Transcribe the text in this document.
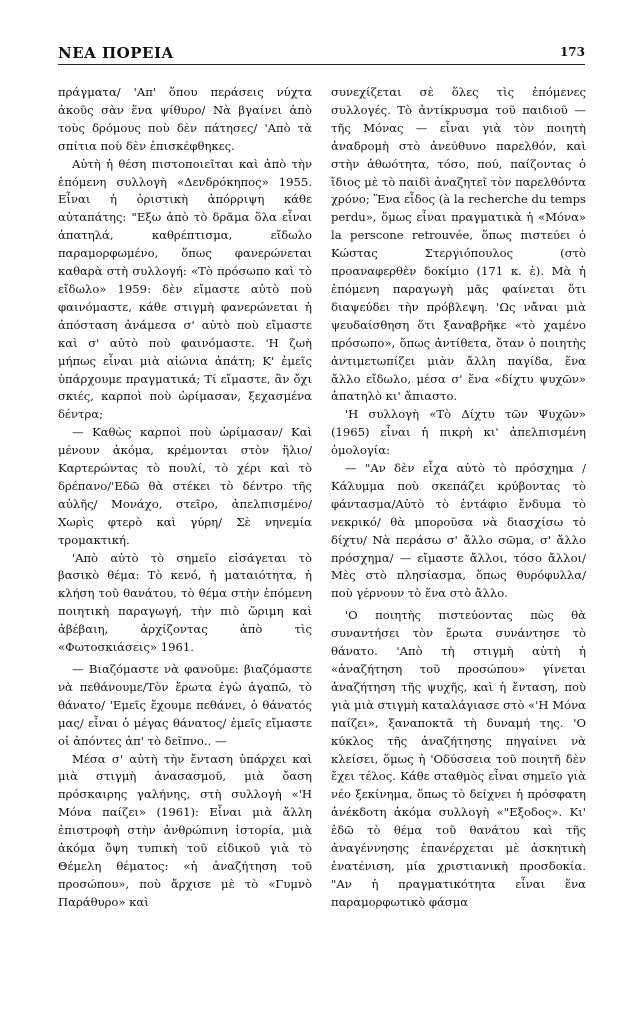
ΝΕΑ ΠΟΡΕΙΑ	173

πράγματα/ 'Απ' ὅπου περάσεις νύχτα ἀκοῦς σὰν ἕνα ψίθυρο/ Νὰ βγαίνει ἀπὸ τοὺς δρόμους ποὺ δὲν πάτησες/ 'Απὸ τὰ σπίτια ποὺ δὲν ἐπισκέφθηκες.

Αὐτὴ ἡ θέση πιστοποιεῖται καὶ ἀπὸ τὴν ἑπόμενη συλλογὴ «Δενδρόκηπος» 1955. Εἶναι ἡ ὁριστικὴ ἀπόρριψη κάθε αὐταπάτης: "Εξω ἀπὸ τὸ δρᾶμα ὅλα εἶναι ἀπατηλά, καθρέπτισμα, εἴδωλο παραμορφωμένο, ὅπως φανερώνεται καθαρὰ στὴ συλλογή: «Τὸ πρόσωπο καὶ τὸ εἴδωλο» 1959: δὲν εἴμαστε αὐτὸ ποὺ φαινόμαστε, κάθε στιγμὴ φανερώνεται ἡ ἀπόσταση ἀνάμεσα σ' αὐτὸ ποὺ εἴμαστε καὶ σ' αὐτὸ ποὺ φαινόμαστε. 'Η ζωὴ μήπως εἶναι μιὰ αἰώνια ἀπάτη; Κ' ἐμεῖς ὑπάρχουμε πραγματικά; Τί εἴμαστε, ἂν ὄχι σκιές, καρποὶ ποὺ ὡρίμασαν, ξεχασμένα δέντρα;

— Καθὼς καρποὶ ποὺ ὡρίμασαν/ Καὶ μένουν ἀκόμα, κρέμονται στὸν ἥλιο/Καρτερώντας τὸ πουλί, τὸ χέρι καὶ τὸ δρέπανο/'Εδῶ θὰ στέκει τὸ δέντρο τῆς αὐλῆς/ Μονάχο, στεῖρο, ἀπελπισμένο/ Χωρὶς φτερὸ καὶ γύρη/ Σὲ νηνεμία τρομακτική.

'Απὸ αὐτὸ τὸ σημεῖο εἰσάγεται τὸ βασικὸ θέμα: Τὸ κενό, ἡ ματαιότητα, ἡ κλήση τοῦ θανάτου, τὸ θέμα στὴν ἑπόμενη ποιητικὴ παραγωγή, τὴν πιὸ ὥριμη καὶ ἀβέβαιη, ἀρχίζοντας ἀπὸ τὶς «Φωτοσκιάσεις» 1961.

— Βιαζόμαστε νὰ φανοῦμε: βιαζόμαστε νὰ πεθάνουμε/Τὸν ἔρωτα ἐγὼ ἀγαπῶ, τὸ θάνατο/ 'Εμεῖς ἔχουμε πεθάνει, ὁ θάνατός μας/ εἶναι ὁ μέγας θάνατος/ ἐμεῖς εἴμαστε οἱ ἀπόντες ἀπ' τὸ δεῖπνο.. —

Μέσα σ' αὐτὴ τὴν ἔνταση ὑπάρχει καὶ μιὰ στιγμὴ ἀνασασμοῦ, μιὰ ὄαση πρόσκαιρης γαλήνης, στὴ συλλογὴ «'Η Μόνα παίζει» (1961): Εἶναι μιὰ ἄλλη ἐπιστροφὴ στὴν ἀνθρώπινη ἱστορία, μιὰ ἀκόμα ὄψη τυπικὴ τοῦ εἰδικοῦ γιὰ τὸ Θέμελη θέματος: «ἡ ἀναζήτηση τοῦ προσώπου», ποὺ ἄρχισε μὲ τὸ «Γυμνὸ Παράθυρο» καὶ

συνεχίζεται σὲ ὅλες τὶς ἑπόμενες συλλογές. Τὸ ἀντίκρυσμα τοῦ παιδιοῦ — τῆς Μόνας — εἶναι γιὰ τὸν ποιητὴ ἀναδρομὴ στὸ ἀνεύθυνο παρελθόν, καὶ στὴν ἀθωότητα, τόσο, πού, παίζοντας ὁ ἴδιος μὲ τὸ παιδὶ ἀναζητεῖ τὸν παρελθόντα χρόνο; Ἕνα εἶδος (à la recherche du temps perdu», ὅμως εἶναι πραγματικὰ ἡ «Μόνα» la perscone retrouvée, ὅπως πιστεύει ὁ Κώστας Στεργιόπουλος (στὸ προαναφερθὲν δοκίμιο (171 κ. ἑ). Μὰ ἡ ἑπόμενη παραγωγὴ μᾶς φαίνεται ὅτι διαψεύδει τὴν πρόβλεψη. 'Ως νἄναι μιὰ ψευδαίσθηση ὅτι ξαναβρῆκε «τὸ χαμένο πρόσωπο», ὅπως ἀντίθετα, ὅταν ὁ ποιητὴς ἀντιμετωπίζει μιὰν ἄλλη παγίδα, ἕνα ἄλλο εἴδωλο, μέσα σ' ἕνα «δίχτυ ψυχῶν» ἀπατηλὸ κι' ἄπιαστο.

'Η συλλογὴ «Τὸ Δίχτυ τῶν Ψυχῶν» (1965) εἶναι ἡ πικρὴ κι' ἀπελπισμένη ὁμολογία:

— "Αν δὲν εἶχα αὐτὸ τὸ πρόσχημα / Κάλυμμα ποὺ σκεπάζει κρύβοντας τὸ φάντασμα/Αὐτὸ τὸ ἐντάφιο ἔνδυμα τὸ νεκρικό/ θὰ μποροῦσα νὰ διασχίσω τὸ δίχτυ/ Νὰ περάσω σ' ἄλλο σῶμα, σ' ἄλλο πρόσχημα/ — εἴμαστε ἄλλοι, τόσο ἄλλοι/ Μὲς στὸ πλησίασμα, ὅπως θυρόφυλλα/ ποὺ γέρνουν τὸ ἕνα στὸ ἄλλο.

'Ο ποιητὴς πιστεύοντας πὼς θὰ συναντήσει τὸν ἔρωτα συνάντησε τὸ θάνατο. 'Απὸ τὴ στιγμὴ αὐτὴ ἡ «ἀναζήτηση τοῦ προσώπου» γίνεται ἀναζήτηση τῆς ψυχῆς, καὶ ἡ ἔνταση, ποὺ γιὰ μιὰ στιγμὴ καταλάγιασε στὸ «'Η Μόνα παίζει», ξαναποκτᾶ τὴ δυναμή της. 'Ο κύκλος τῆς ἀναζήτησης πηγαίνει νὰ κλείσει, ὅμως ἡ 'Οδύσσεια τοῦ ποιητῆ δὲν ἔχει τέλος. Κάθε σταθμὸς εἶναι σημεῖο γιὰ νέο ξεκίνημα, ὅπως τὸ δείχνει ἡ πρόσφατη ἀνέκδοτη ἀκόμα συλλογὴ «"Εξοδος». Κι' ἐδῶ τὸ θέμα τοῦ θανάτου καὶ τῆς ἀναγέννησης ἐπανέρχεται μὲ ἀσκητικὴ ἐνατένιση, μία χριστιανικὴ προσδοκία. "Αν ἡ πραγματικότητα εἶναι ἕνα παραμορφωτικὸ φάσμα
